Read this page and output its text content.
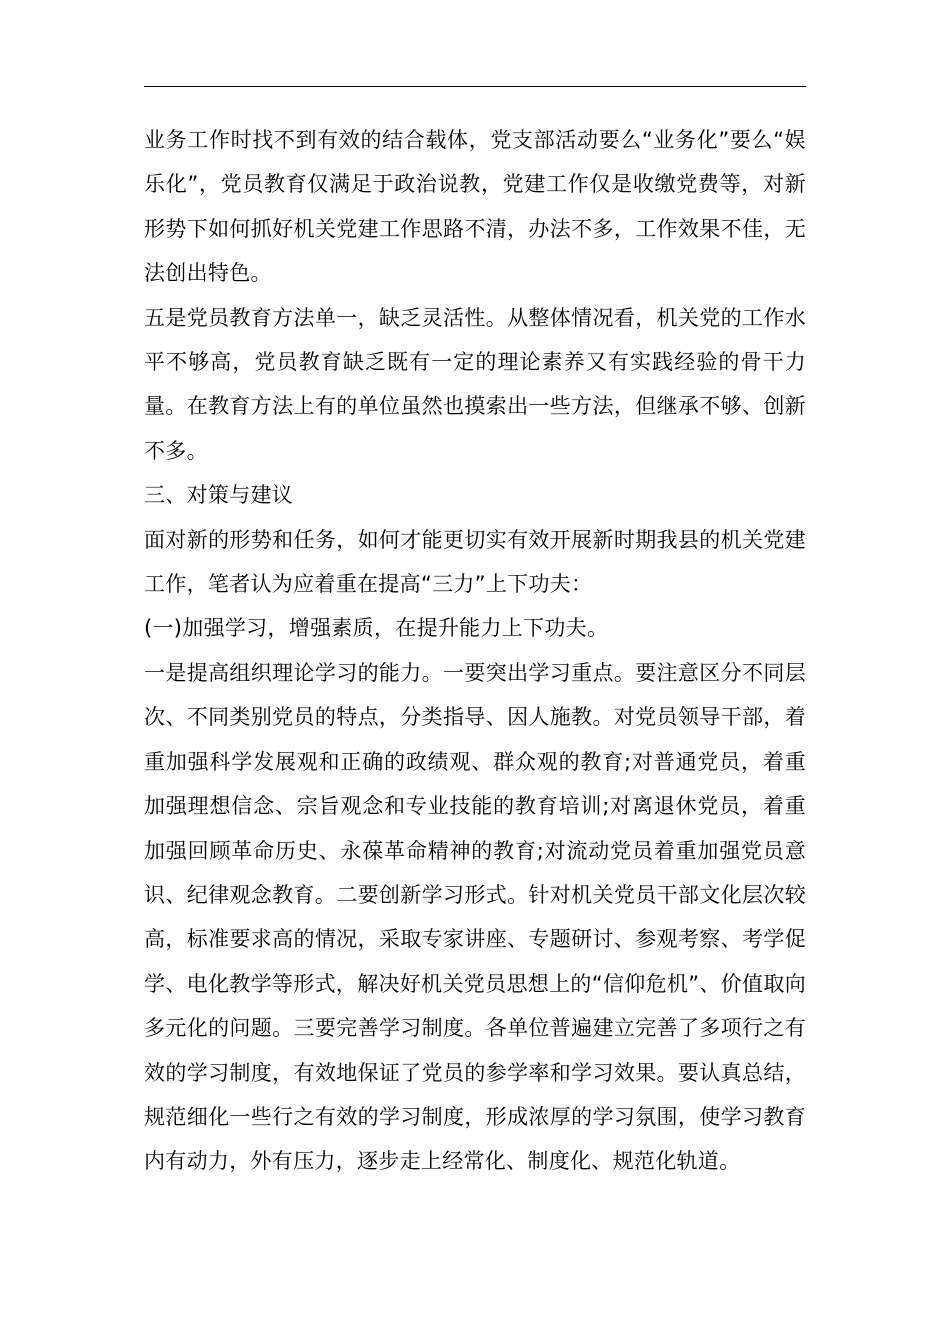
业务工作时找不到有效的结合载体，党支部活动要么“业务化”要么“娱乐化”，党员教育仅满足于政治说教，党建工作仅是收缴党费等，对新形势下如何抓好机关党建工作思路不清，办法不多，工作效果不佳，无法创出特色。

五是党员教育方法单一，缺乏灵活性。从整体情况看，机关党的工作水平不够高，党员教育缺乏既有一定的理论素养又有实践经验的骨干力量。在教育方法上有的单位虽然也摸索出一些方法，但继承不够、创新不多。

三、对策与建议

面对新的形势和任务，如何才能更切实有效开展新时期我县的机关党建工作，笔者认为应着重在提高“三力”上下功夫：

(一)加强学习，增强素质，在提升能力上下功夫。

一是提高组织理论学习的能力。一要突出学习重点。要注意区分不同层次、不同类别党员的特点，分类指导、因人施教。对党员领导干部，着重加强科学发展观和正确的政绩观、群众观的教育;对普通党员，着重加强理想信念、宗旨观念和专业技能的教育培训;对离退休党员，着重加强回顾革命历史、永葆革命精神的教育;对流动党员着重加强党员意识、纪律观念教育。二要创新学习形式。针对机关党员干部文化层次较高，标准要求高的情况，采取专家讲座、专题研讨、参观考察、考学促学、电化教学等形式，解决好机关党员思想上的“信仰危机”、价值取向多元化的问题。三要完善学习制度。各单位普遍建立完善了多项行之有效的学习制度，有效地保证了党员的参学率和学习效果。要认真总结，规范细化一些行之有效的学习制度，形成浓厚的学习氛围，使学习教育内有动力，外有压力，逐步走上经常化、制度化、规范化轨道。
